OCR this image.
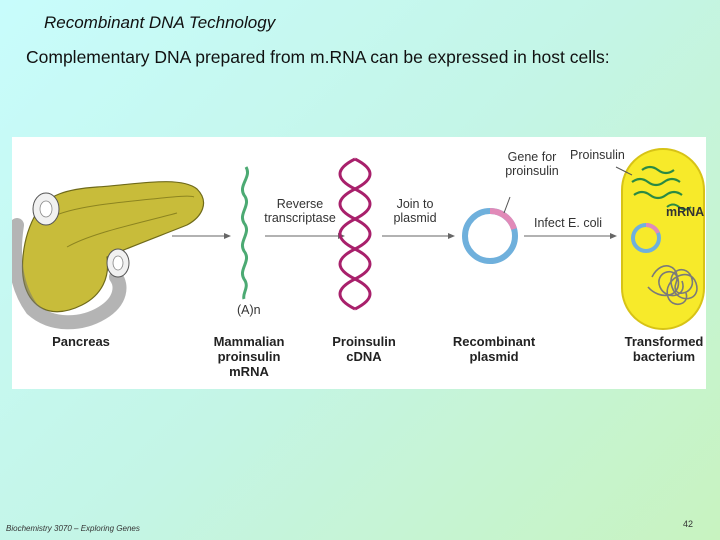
Recombinant DNA Technology
Complementary DNA prepared from m.RNA can be expressed in host cells:
Gene for
proinsulin
Proinsulin
mRNA
Reverse
transcriptase
Join to
plasmid	Infect E. coli
(A)n
Pancreas	Mammalian
proinsulin
mRNA
Proinsulin
cDNA
Recombinant
plasmid
Transformed
bacterium
Biochemistry 3070 – Exploring Genes	42
